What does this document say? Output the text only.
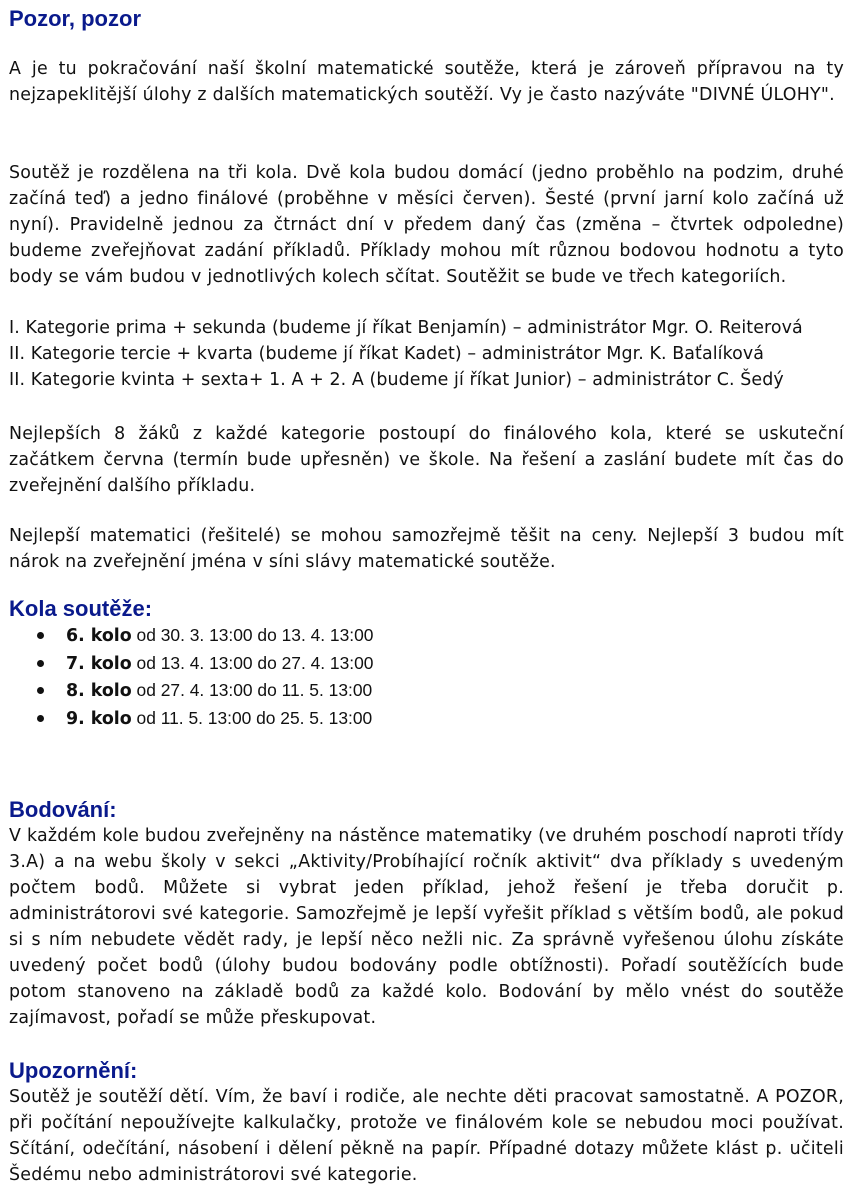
Pozor, pozor

A je tu pokračování naší školní matematické soutěže, která je zároveň přípravou na ty nejzapeklitější úlohy z dalších matematických soutěží. Vy je často nazýváte "DIVNÉ ÚLOHY".

Soutěž je rozdělena na tři kola. Dvě kola budou domácí (jedno proběhlo na podzim, druhé začíná teď) a jedno finálové (proběhne v měsíci červen). Šesté (první jarní kolo začíná už nyní). Pravidelně jednou za čtrnáct dní v předem daný čas (změna – čtvrtek odpoledne) budeme zveřejňovat zadání příkladů. Příklady mohou mít různou bodovou hodnotu a tyto body se vám budou v jednotlivých kolech sčítat. Soutěžit se bude ve třech kategoriích.

I. Kategorie prima + sekunda (budeme jí říkat Benjamín) – administrátor Mgr. O. Reiterová

II. Kategorie tercie + kvarta (budeme jí říkat Kadet) – administrátor Mgr. K. Baťalíková

II. Kategorie kvinta + sexta+ 1. A + 2. A (budeme jí říkat Junior) – administrátor C. Šedý

Nejlepších 8 žáků z každé kategorie postoupí do finálového kola, které se uskuteční začátkem června (termín bude upřesněn) ve škole. Na řešení a zaslání budete mít čas do zveřejnění dalšího příkladu.

Nejlepší matematici (řešitelé) se mohou samozřejmě těšit na ceny. Nejlepší 3 budou mít nárok na zveřejnění jména v síni slávy matematické soutěže.

Kola soutěže:
6. kolo od 30. 3. 13:00 do 13. 4. 13:00
7. kolo od 13. 4. 13:00 do 27. 4. 13:00
8. kolo od 27. 4. 13:00 do 11. 5. 13:00
9. kolo od 11. 5. 13:00 do 25. 5. 13:00
Bodování:

V každém kole budou zveřejněny na nástěnce matematiky (ve druhém poschodí naproti třídy 3.A) a na webu školy v sekci „Aktivity/Probíhající ročník aktivit“ dva příklady s uvedeným počtem bodů. Můžete si vybrat jeden příklad, jehož řešení je třeba doručit p. administrátorovi své kategorie. Samozřejmě je lepší vyřešit příklad s větším bodů, ale pokud si s ním nebudete vědět rady, je lepší něco nežli nic. Za správně vyřešenou úlohu získáte uvedený počet bodů (úlohy budou bodovány podle obtížnosti). Pořadí soutěžících bude potom stanoveno na základě bodů za každé kolo. Bodování by mělo vnést do soutěže zajímavost, pořadí se může přeskupovat.

Upozornění:

Soutěž je soutěží dětí. Vím, že baví i rodiče, ale nechte děti pracovat samostatně. A POZOR, při počítání nepoužívejte kalkulačky, protože ve finálovém kole se nebudou moci používat. Sčítání, odečítání, násobení i dělení pěkně na papír. Případné dotazy můžete klást p. učiteli Šedému nebo administrátorovi své kategorie.
